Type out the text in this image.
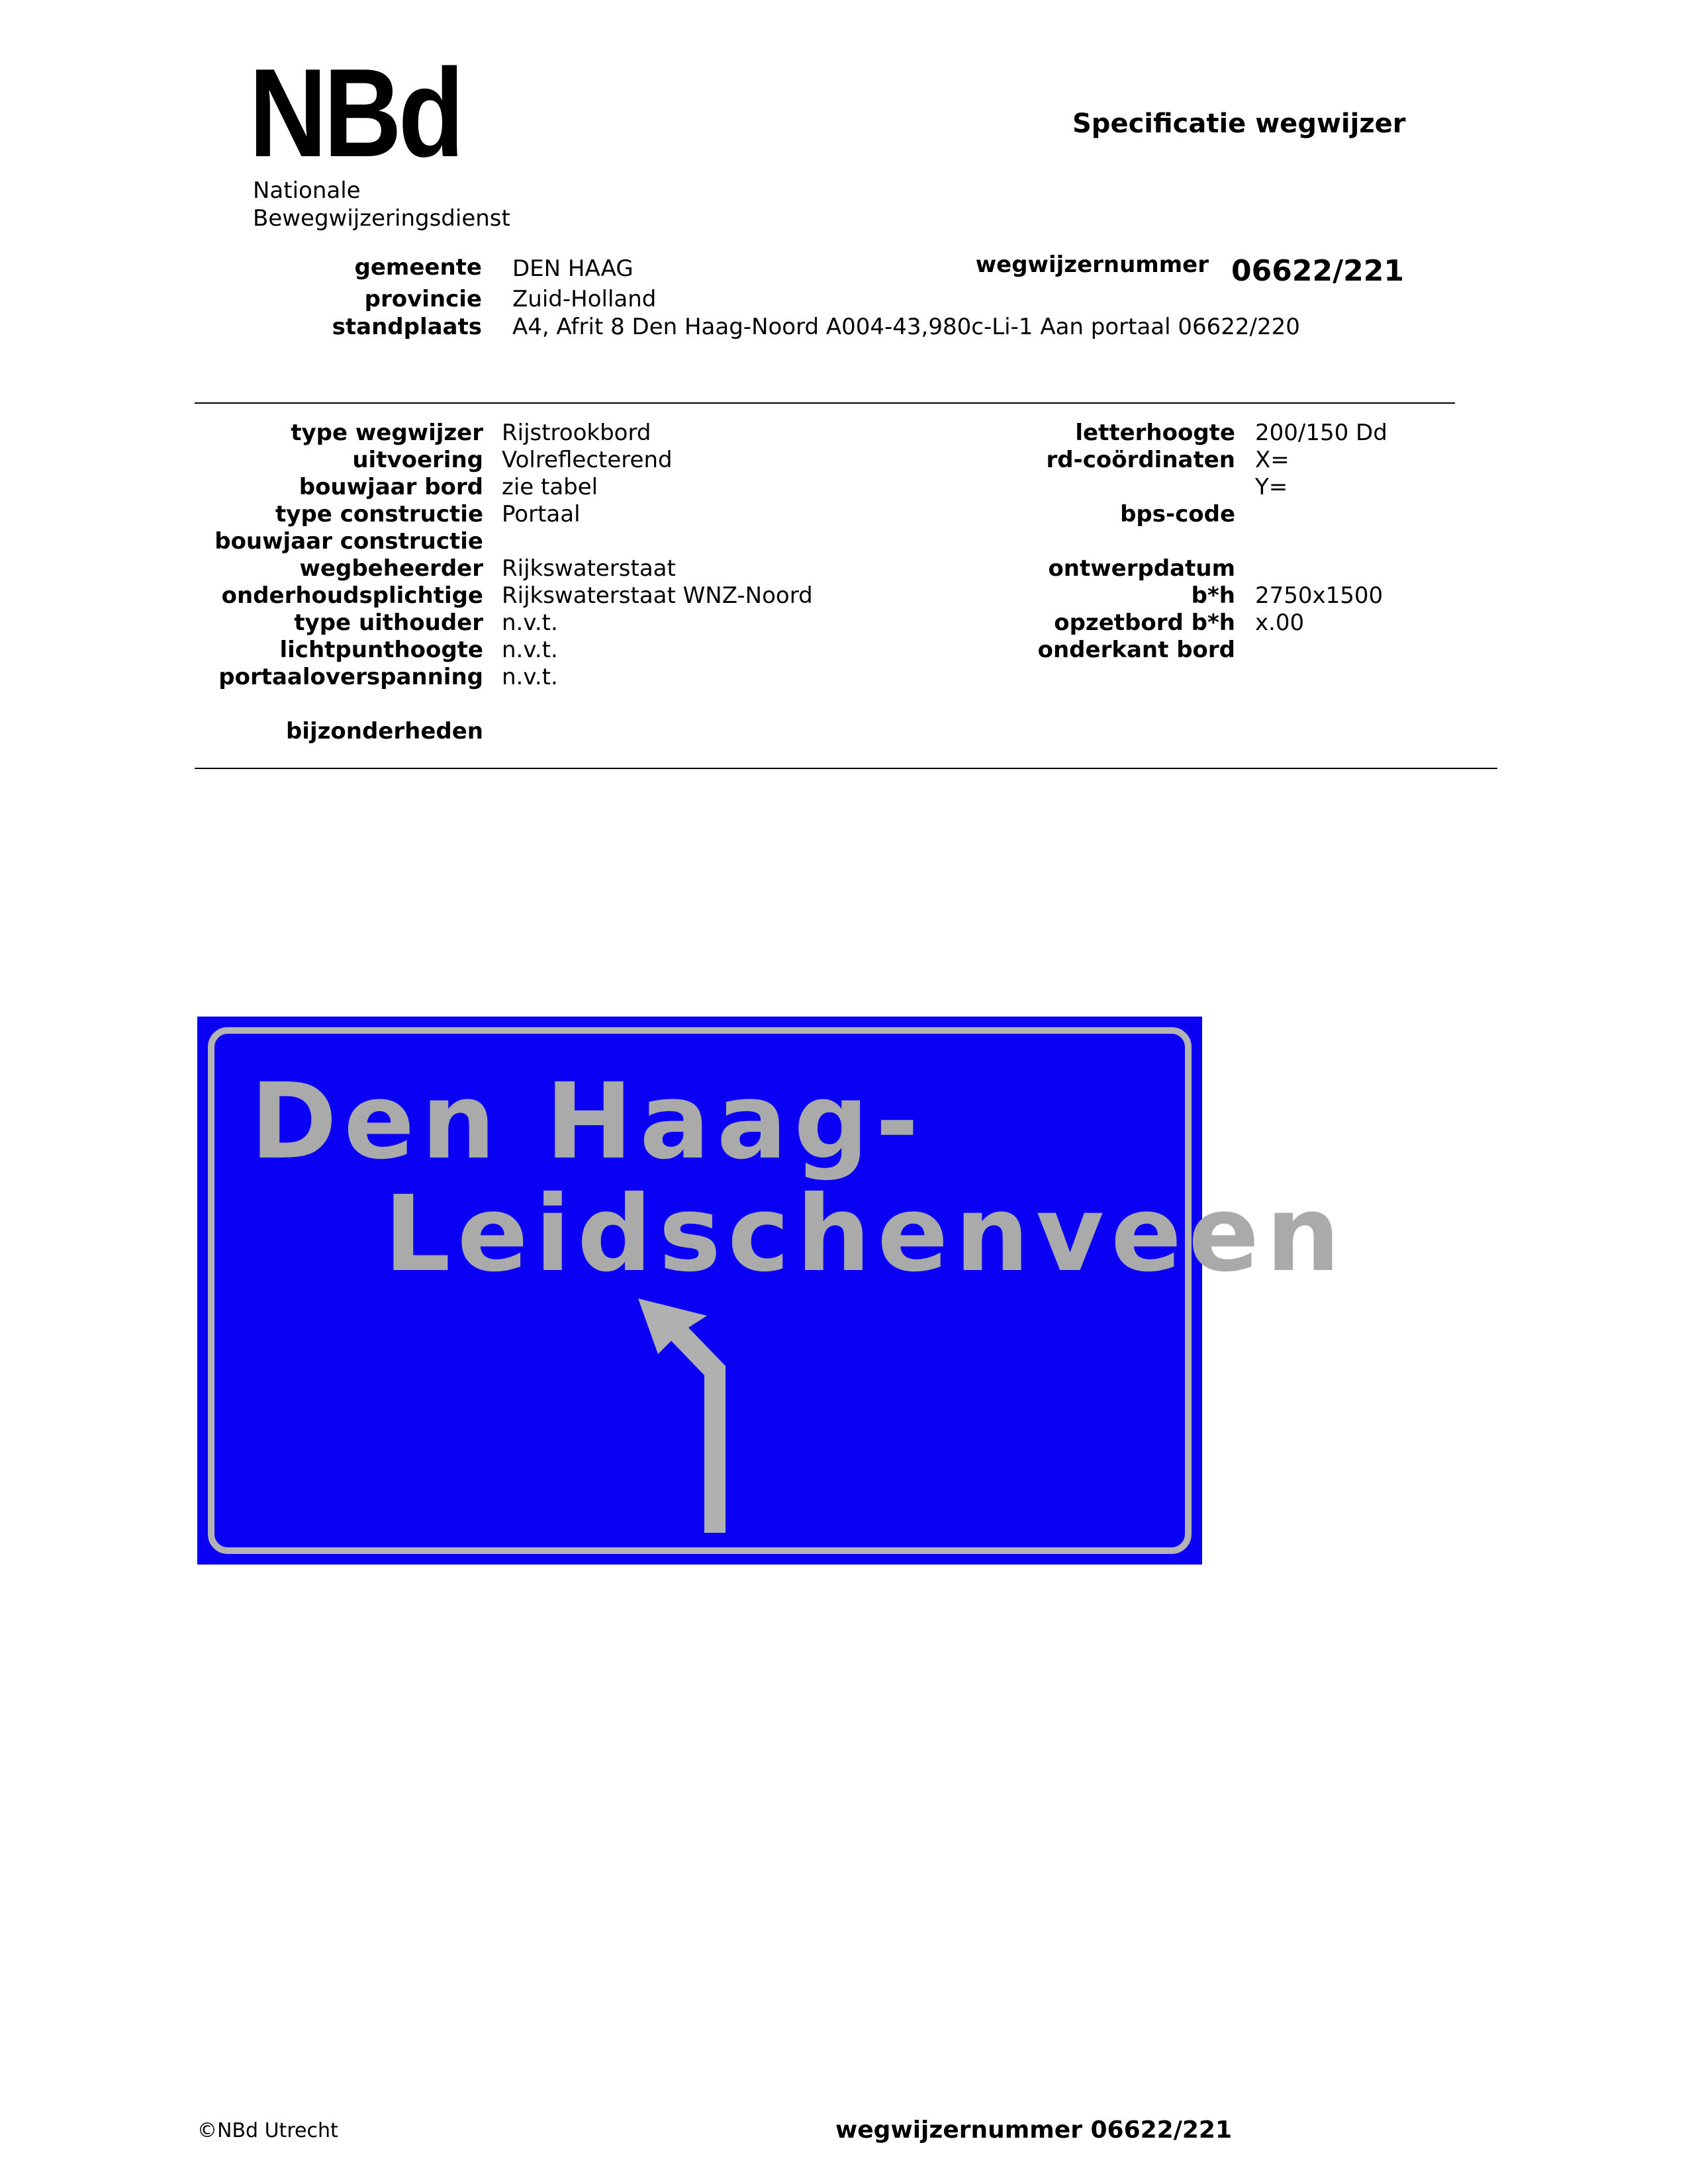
NBd
Nationale
Bewegwijzeringsdienst
Specificatie wegwijzer
gemeente DEN HAAG
provincie Zuid-Holland
standplaats A4, Afrit 8 Den Haag-Noord A004-43,980c-Li-1 Aan portaal 06622/220
wegwijzernummer 06622/221
type wegwijzer Rijstrookbord
uitvoering Volreflecterend
bouwjaar bord zie tabel
type constructie Portaal
bouwjaar constructie
wegbeheerder Rijkswaterstaat
onderhoudsplichtige Rijkswaterstaat WNZ-Noord
type uithouder n.v.t.
lichtpunthoogte n.v.t.
portaaloverspanning n.v.t.
bijzonderheden
letterhoogte 200/150 Dd
rd-coördinaten X=
Y=
bps-code
ontwerpdatum
b*h 2750x1500
opzetbord b*h x.00
onderkant bord
Den Haag-
Leidschenveen
©NBd Utrecht	wegwijzernummer 06622/221
